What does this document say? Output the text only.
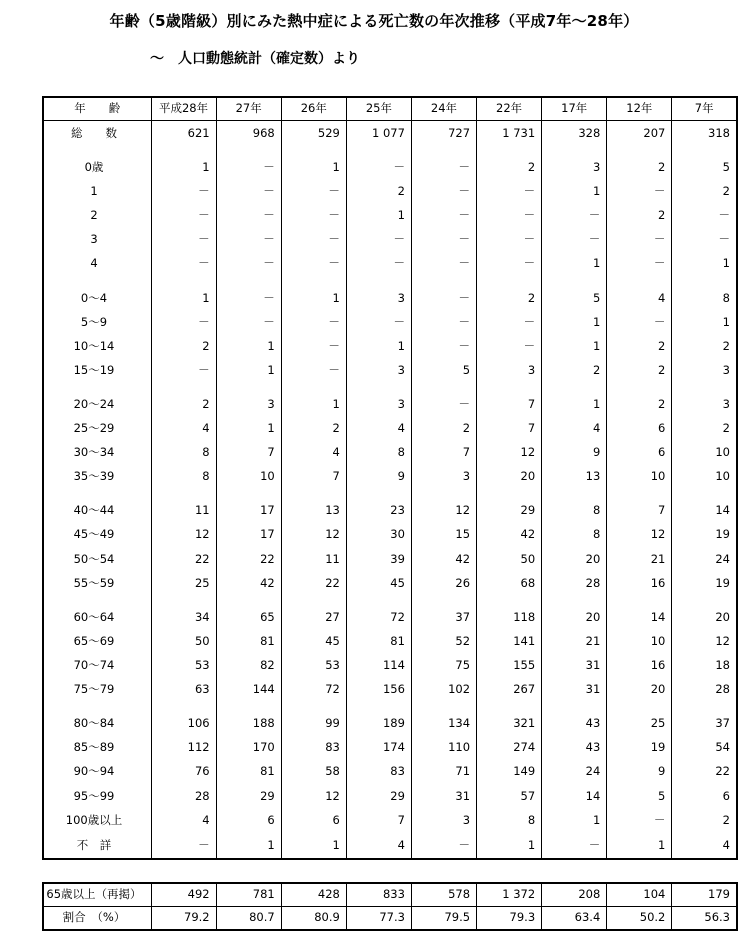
年齢（5歳階級）別にみた熱中症による死亡数の年次推移（平成7年～28年）
～　人口動態統計（確定数）より
年　　齢	平成28年	27年	26年	25年	24年	22年	17年	12年	7年
総　　数	621	968	529	1 077	727	1 731	328	207	318

0歳	1	－	1	－	－	2	3	2	5
1	－	－	－	2	－	－	1	－	2
2	－	－	－	1	－	－	－	2	－
3	－	－	－	－	－	－	－	－	－
4	－	－	－	－	－	－	1	－	1

0～4	1	－	1	3	－	2	5	4	8
5～9	－	－	－	－	－	－	1	－	1
10～14	2	1	－	1	－	－	1	2	2
15～19	－	1	－	3	5	3	2	2	3

20～24	2	3	1	3	－	7	1	2	3
25～29	4	1	2	4	2	7	4	6	2
30～34	8	7	4	8	7	12	9	6	10
35～39	8	10	7	9	3	20	13	10	10

40～44	11	17	13	23	12	29	8	7	14
45～49	12	17	12	30	15	42	8	12	19
50～54	22	22	11	39	42	50	20	21	24
55～59	25	42	22	45	26	68	28	16	19

60～64	34	65	27	72	37	118	20	14	20
65～69	50	81	45	81	52	141	21	10	12
70～74	53	82	53	114	75	155	31	16	18
75～79	63	144	72	156	102	267	31	20	28

80～84	106	188	99	189	134	321	43	25	37
85～89	112	170	83	174	110	274	43	19	54
90～94	76	81	58	83	71	149	24	9	22
95～99	28	29	12	29	31	57	14	5	6
100歳以上	4	6	6	7	3	8	1	－	2
不　詳	－	1	1	4	－	1	－	1	4
65歳以上（再掲）	492	781	428	833	578	1 372	208	104	179
割合　（%）	79.2	80.7	80.9	77.3	79.5	79.3	63.4	50.2	56.3
